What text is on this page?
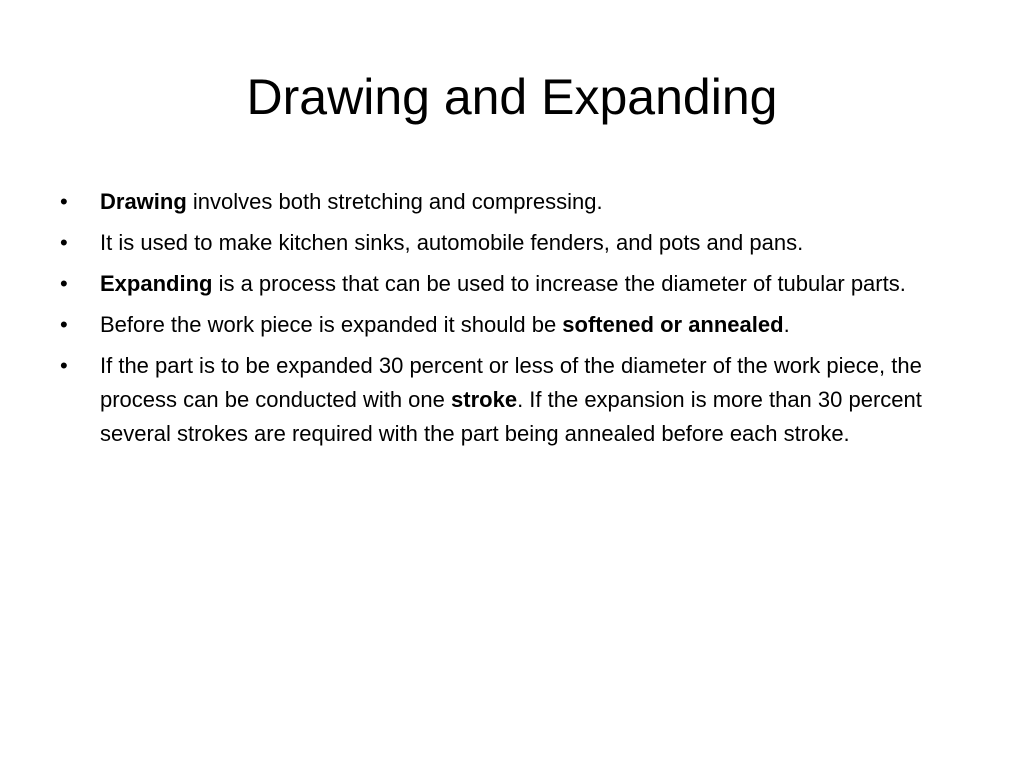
Drawing and Expanding
•	Drawing involves both stretching and compressing.
•	It is used to make kitchen sinks, automobile fenders, and pots and pans.
•	Expanding is a process that can be used to increase the diameter of tubular parts.
•	Before the work piece is expanded it should be softened or annealed.
•	If the part is to be expanded 30 percent or less of the diameter of the work piece, the process can be conducted with one stroke. If the expansion is more than 30 percent several strokes are required with the part being annealed before each stroke.
